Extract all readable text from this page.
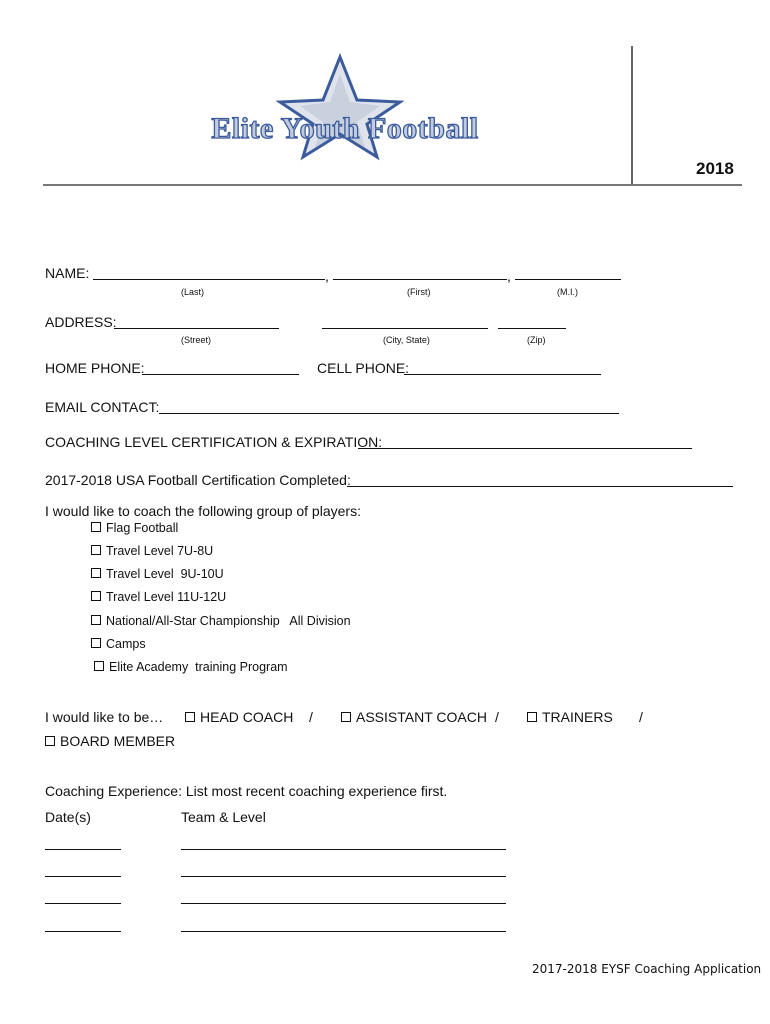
Elite Youth Football
2018
NAME:	,	,
(Last)	(First)	(M.I.)
ADDRESS:
(Street)	(City, State)	(Zip)
HOME PHONE:	CELL PHONE:
EMAIL CONTACT:
COACHING LEVEL CERTIFICATION & EXPIRATION:
2017-2018 USA Football Certification Completed:
I would like to coach the following group of players:
Flag Football
Travel Level 7U-8U
Travel Level  9U-10U
Travel Level 11U-12U
National/All-Star Championship   All Division
Camps
Elite Academy  training Program
I would like to be…	HEAD COACH /	ASSISTANT COACH /	TRAINERS /
BOARD MEMBER
Coaching Experience: List most recent coaching experience first.
Date(s)	Team & Level
2017-2018 EYSF Coaching Application
